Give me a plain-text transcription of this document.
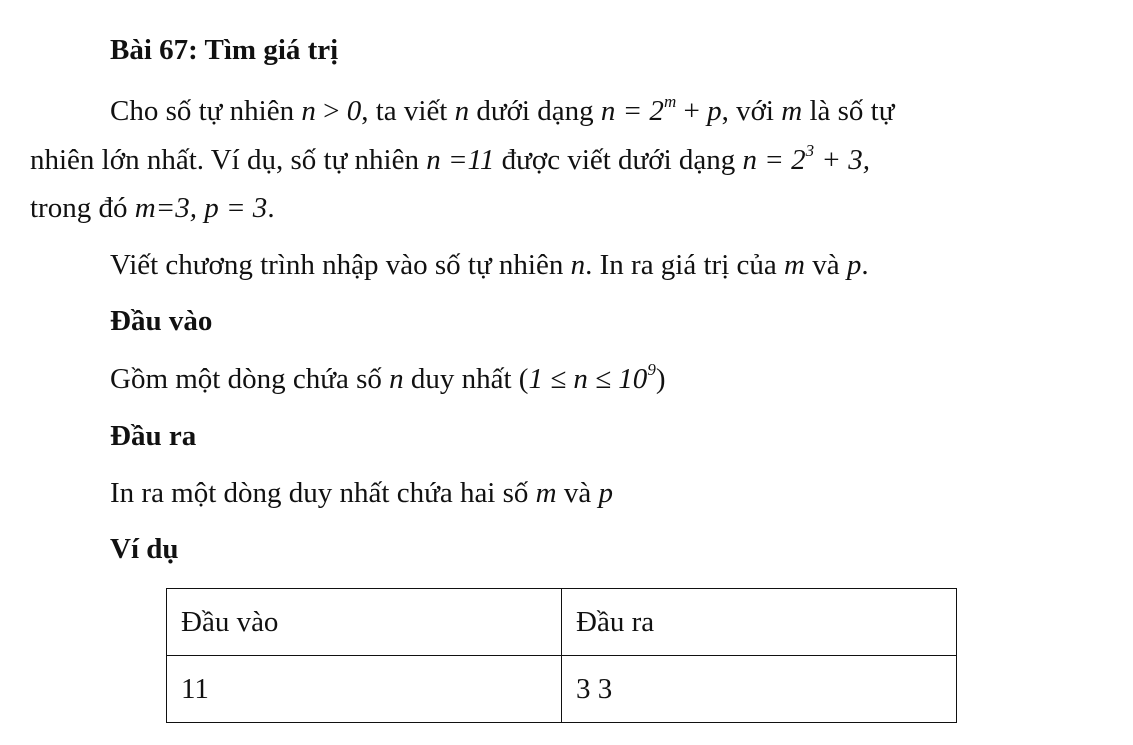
Bài 67: Tìm giá trị
Cho số tự nhiên n > 0, ta viết n dưới dạng $n = 2^m + p$, với m là số tự
nhiên lớn nhất. Ví dụ, số tự nhiên n =11 được viết dưới dạng $n = 2^3 + 3$,
trong đó m=3, p = 3.
Viết chương trình nhập vào số tự nhiên n. In ra giá trị của m và p.
Đầu vào
Gồm một dòng chứa số n duy nhất $(1 \le n \le 10^9)$
Đầu ra
In ra một dòng duy nhất chứa hai số m và p
Ví dụ
Đầu vào	Đầu ra
11	3 3
